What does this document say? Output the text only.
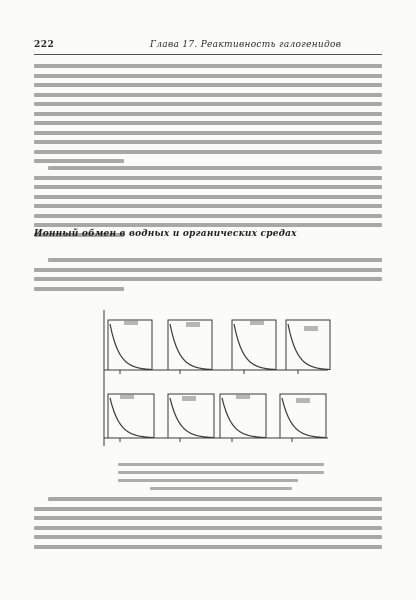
222	Глава 17. Реактивность галогенидов
Ионный обмен в водных и органических средах
